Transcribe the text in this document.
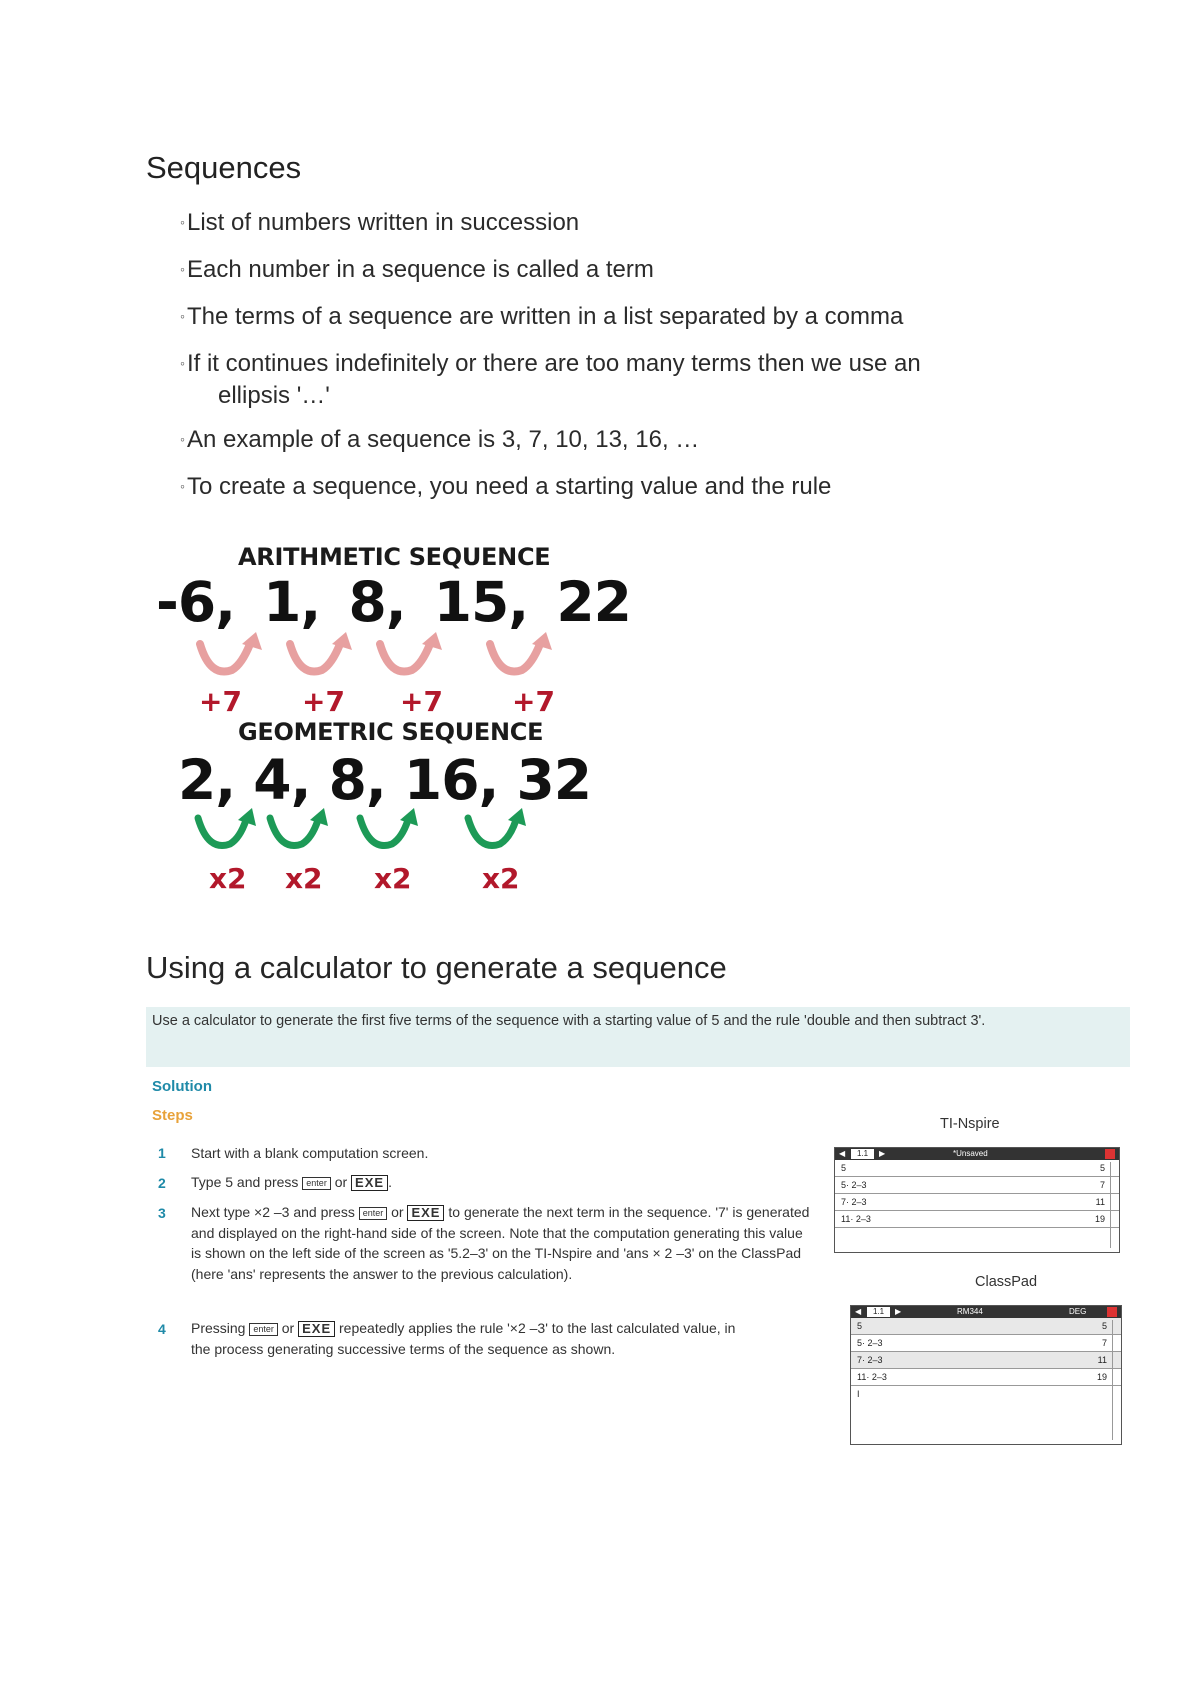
Sequences
◦List of numbers written in succession
◦Each number in a sequence is called a term
◦The terms of a sequence are written in a list separated by a comma
◦If it continues indefinitely or there are too many terms then we use an
ellipsis '…'
◦An example of a sequence is 3, 7, 10, 13, 16, …
◦To create a sequence, you need a starting value and the rule
ARITHMETIC SEQUENCE
-6, 1, 8, 15, 22
+7 +7 +7 +7
GEOMETRIC SEQUENCE
2, 4, 8, 16, 32
x2 x2 x2	x2
Using a calculator to generate a sequence
Use a calculator to generate the first five terms of the sequence with a starting value of 5 and the rule 'double and then subtract 3'.
Solution
Steps
1 Start with a blank computation screen.
2 Type 5 and press enter or EXE .
3 Next type ×2 –3 and press enter or EXE to generate the next term in the sequence. '7' is generated and displayed on the right-hand side of the screen. Note that the computation generating this value is shown on the left side of the screen as '5.2–3' on the TI-Nspire and 'ans × 2 –3' on the ClassPad (here 'ans' represents the answer to the previous calculation).
4 Pressing enter or EXE repeatedly applies the rule '×2 –3' to the last calculated value, in the process generating successive terms of the sequence as shown.
TI-Nspire
◀	1.1	▶	*Unsaved
5	5
5· 2–3	7
7· 2–3	11
11· 2–3	19
ClassPad
◀	1.1	▶	RM344	DEG
5	5
5· 2–3	7
7· 2–3	11
11· 2–3	19
I
